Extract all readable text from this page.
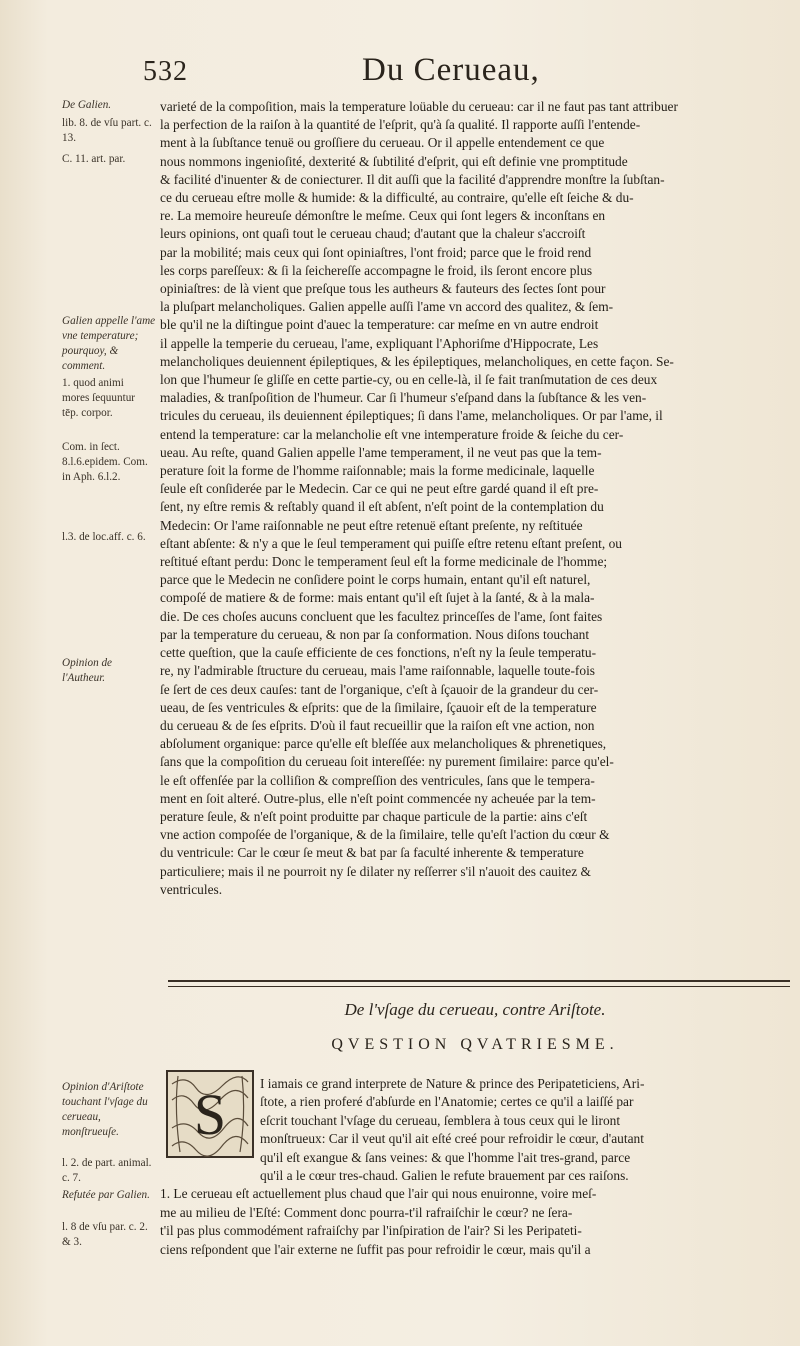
532	Du Cerueau,
De Galien.
lib. 8. de vſu part. c. 13.
C. 11. art. par.
Galien appelle l'ame vne temperature; pourquoy, & comment.
1. quod animi mores ſequuntur tēp. corpor.
Com. in ſect. 8.l.6.epidem. Com. in Aph. 6.l.2.
l.3. de loc.aff. c. 6.
Opinion de l'Autheur.
Opinion d'Ariſtote touchant l'vſage du cerueau, monſtrueuſe.
l. 2. de part. animal. c. 7.
Refutée par Galien.
l. 8 de vſu par. c. 2. & 3.
varieté de la compoſition, mais la temperature loüable du cerueau: car il ne faut pas tant attribuer
la perfection de la raiſon à la quantité de l'eſprit, qu'à ſa qualité. Il rapporte auſſi l'entende-
ment à la ſubſtance tenuë ou groſſiere du cerueau. Or il appelle entendement ce que
nous nommons ingenioſité, dexterité & ſubtilité d'eſprit, qui eſt definie vne promptitude
& facilité d'inuenter & de coniecturer. Il dit auſſi que la facilité d'apprendre monſtre la ſubſtan-
ce du cerueau eſtre molle & humide: & la difficulté, au contraire, qu'elle eſt ſeiche & du-
re. La memoire heureuſe démonſtre le meſme. Ceux qui ſont legers & inconſtans en
leurs opinions, ont quaſi tout le cerueau chaud; d'autant que la chaleur s'accroiſt
par la mobilité; mais ceux qui ſont opiniaſtres, l'ont froid; parce que le froid rend
les corps pareſſeux: & ſi la ſeichereſſe accompagne le froid, ils ſeront encore plus
opiniaſtres: de là vient que preſque tous les autheurs & fauteurs des ſectes ſont pour
la pluſpart melancholiques. Galien appelle auſſi l'ame vn accord des qualitez, & ſem-
ble qu'il ne la diſtingue point d'auec la temperature: car meſme en vn autre endroit
il appelle la temperie du cerueau, l'ame, expliquant l'Aphoriſme d'Hippocrate, Les
melancholiques deuiennent épileptiques, & les épileptiques, melancholiques, en cette façon. Se-
lon que l'humeur ſe gliſſe en cette partie-cy, ou en celle-là, il ſe fait tranſmutation de ces deux
maladies, & tranſpoſition de l'humeur. Car ſi l'humeur s'eſpand dans la ſubſtance & les ven-
tricules du cerueau, ils deuiennent épileptiques; ſi dans l'ame, melancholiques. Or par l'ame, il
entend la temperature: car la melancholie eſt vne intemperature froide & ſeiche du cer-
ueau. Au reſte, quand Galien appelle l'ame temperament, il ne veut pas que la tem-
perature ſoit la forme de l'homme raiſonnable; mais la forme medicinale, laquelle
ſeule eſt conſiderée par le Medecin. Car ce qui ne peut eſtre gardé quand il eſt pre-
ſent, ny eſtre remis & reſtably quand il eſt abſent, n'eſt point de la contemplation du
Medecin: Or l'ame raiſonnable ne peut eſtre retenuë eſtant preſente, ny reſtituée
eſtant abſente: & n'y a que le ſeul temperament qui puiſſe eſtre retenu eſtant preſent, ou
reſtitué eſtant perdu: Donc le temperament ſeul eſt la forme medicinale de l'homme;
parce que le Medecin ne conſidere point le corps humain, entant qu'il eſt naturel,
compoſé de matiere & de forme: mais entant qu'il eſt ſujet à la ſanté, & à la mala-
die. De ces choſes aucuns concluent que les facultez princeſſes de l'ame, ſont faites
par la temperature du cerueau, & non par ſa conformation. Nous diſons touchant
cette queſtion, que la cauſe efficiente de ces fonctions, n'eſt ny la ſeule temperatu-
re, ny l'admirable ſtructure du cerueau, mais l'ame raiſonnable, laquelle toute-fois
ſe ſert de ces deux cauſes: tant de l'organique, c'eſt à ſçauoir de la grandeur du cer-
ueau, de ſes ventricules & eſprits: que de la ſimilaire, ſçauoir eſt de la temperature
du cerueau & de ſes eſprits. D'où il faut recueillir que la raiſon eſt vne action, non
abſolument organique: parce qu'elle eſt bleſſée aux melancholiques & phrenetiques,
ſans que la compoſition du cerueau ſoit intereſſée: ny purement ſimilaire: parce qu'el-
le eſt offenſée par la colliſion & compreſſion des ventricules, ſans que le tempera-
ment en ſoit alteré. Outre-plus, elle n'eſt point commencée ny acheuée par la tem-
perature ſeule, & n'eſt point produitte par chaque particule de la partie: ains c'eſt
vne action compoſée de l'organique, & de la ſimilaire, telle qu'eſt l'action du cœur &
du ventricule: Car le cœur ſe meut & bat par ſa faculté inherente & temperature
particuliere; mais il ne pourroit ny ſe dilater ny reſſerrer s'il n'auoit des cauitez &
ventricules.
De l'vſage du cerueau, contre Ariſtote.
QVESTION QVATRIESME.
S	I iamais ce grand interprete de Nature & prince des Peripateticiens, Ari-
ſtote, a rien proferé d'abſurde en l'Anatomie; certes ce qu'il a laiſſé par
eſcrit touchant l'vſage du cerueau, ſemblera à tous ceux qui le liront
monſtrueux: Car il veut qu'il ait eſté creé pour refroidir le cœur, d'autant
qu'il eſt exangue & ſans veines: & que l'homme l'ait tres-grand, parce
qu'il a le cœur tres-chaud. Galien le refute brauement par ces raiſons.
1. Le cerueau eſt actuellement plus chaud que l'air qui nous enuironne, voire meſ-
me au milieu de l'Eſté: Comment donc pourra-t'il rafraiſchir le cœur? ne ſera-
t'il pas plus commodément rafraiſchy par l'inſpiration de l'air? Si les Peripateti-
ciens reſpondent que l'air externe ne ſuffit pas pour refroidir le cœur, mais qu'il a
